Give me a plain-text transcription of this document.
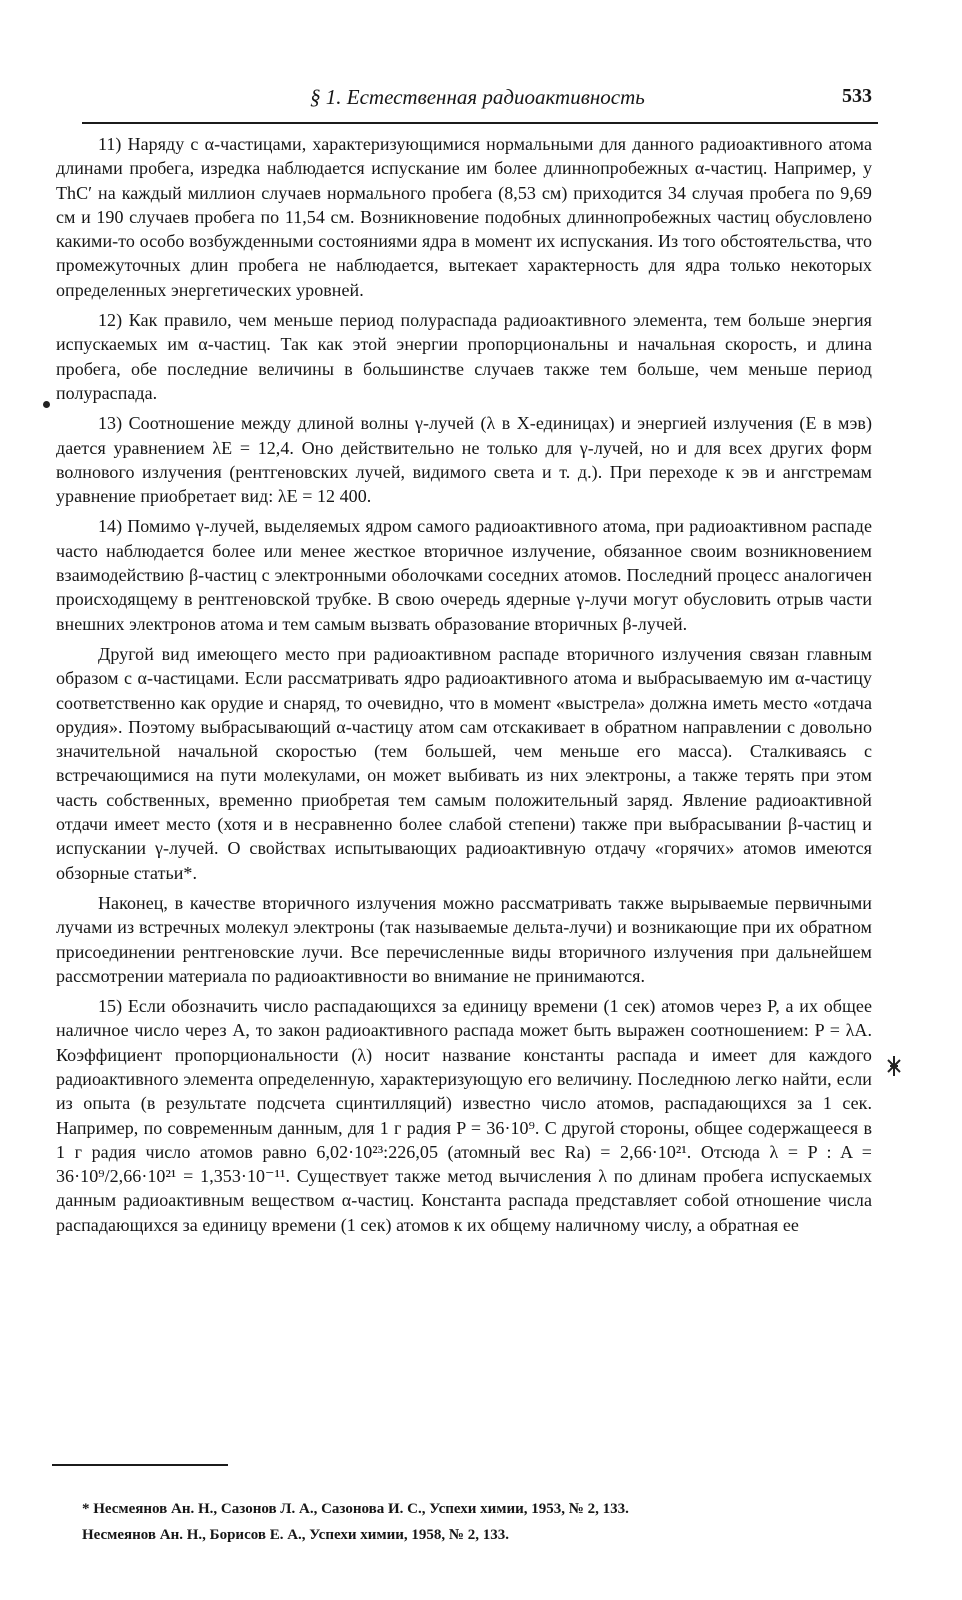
§ 1. Естественная радиоактивность	533

11) Наряду с α-частицами, характеризующимися нормальными для данного радиоактивного атома длинами пробега, изредка наблюдается испускание им более длиннопробежных α-частиц. Например, у ThC′ на каждый миллион случаев нормального пробега (8,53 см) приходится 34 случая пробега по 9,69 см и 190 случаев пробега по 11,54 см. Возникновение подобных длиннопробежных частиц обусловлено какими-то особо возбужденными состояниями ядра в момент их испускания. Из того обстоятельства, что промежуточных длин пробега не наблюдается, вытекает характерность для ядра только некоторых определенных энергетических уровней.

12) Как правило, чем меньше период полураспада радиоактивного элемента, тем больше энергия испускаемых им α-частиц. Так как этой энергии пропорциональны и начальная скорость, и длина пробега, обе последние величины в большинстве случаев также тем больше, чем меньше период полураспада.

13) Соотношение между длиной волны γ-лучей (λ в X-единицах) и энергией излучения (E в мэв) дается уравнением λE = 12,4. Оно действительно не только для γ-лучей, но и для всех других форм волнового излучения (рентгеновских лучей, видимого света и т. д.). При переходе к эв и ангстремам уравнение приобретает вид: λE = 12 400.

14) Помимо γ-лучей, выделяемых ядром самого радиоактивного атома, при радиоактивном распаде часто наблюдается более или менее жесткое вторичное излучение, обязанное своим возникновением взаимодействию β-частиц с электронными оболочками соседних атомов. Последний процесс аналогичен происходящему в рентгеновской трубке. В свою очередь ядерные γ-лучи могут обусловить отрыв части внешних электронов атома и тем самым вызвать образование вторичных β-лучей.

Другой вид имеющего место при радиоактивном распаде вторичного излучения связан главным образом с α-частицами. Если рассматривать ядро радиоактивного атома и выбрасываемую им α-частицу соответственно как орудие и снаряд, то очевидно, что в момент «выстрела» должна иметь место «отдача орудия». Поэтому выбрасывающий α-частицу атом сам отскакивает в обратном направлении с довольно значительной начальной скоростью (тем большей, чем меньше его масса). Сталкиваясь с встречающимися на пути молекулами, он может выбивать из них электроны, а также терять при этом часть собственных, временно приобретая тем самым положительный заряд. Явление радиоактивной отдачи имеет место (хотя и в несравненно более слабой степени) также при выбрасывании β-частиц и испускании γ-лучей. О свойствах испытывающих радиоактивную отдачу «горячих» атомов имеются обзорные статьи*.

Наконец, в качестве вторичного излучения можно рассматривать также вырываемые первичными лучами из встречных молекул электроны (так называемые дельта-лучи) и возникающие при их обратном присоединении рентгеновские лучи. Все перечисленные виды вторичного излучения при дальнейшем рассмотрении материала по радиоактивности во внимание не принимаются.

15) Если обозначить число распадающихся за единицу времени (1 сек) атомов через P, а их общее наличное число через A, то закон радиоактивного распада может быть выражен соотношением: P = λA. Коэффициент пропорциональности (λ) носит название константы распада и имеет для каждого радиоактивного элемента определенную, характеризующую его величину. Последнюю легко найти, если из опыта (в результате подсчета сцинтилляций) известно число атомов, распадающихся за 1 сек. Например, по современным данным, для 1 г радия P = 36·10⁹. С другой стороны, общее содержащееся в 1 г радия число атомов равно 6,02·10²³:226,05 (атомный вес Ra) = 2,66·10²¹. Отсюда λ = P : A = 36·10⁹/2,66·10²¹ = 1,353·10⁻¹¹. Существует также метод вычисления λ по длинам пробега испускаемых данным радиоактивным веществом α-частиц. Константа распада представляет собой отношение числа распадающихся за единицу времени (1 сек) атомов к их общему наличному числу, а обратная ее

* Несмеянов Ан. Н., Сазонов Л. А., Сазонова И. С., Успехи химии, 1953, № 2, 133.

Несмеянов Ан. Н., Борисов Е. А., Успехи химии, 1958, № 2, 133.
